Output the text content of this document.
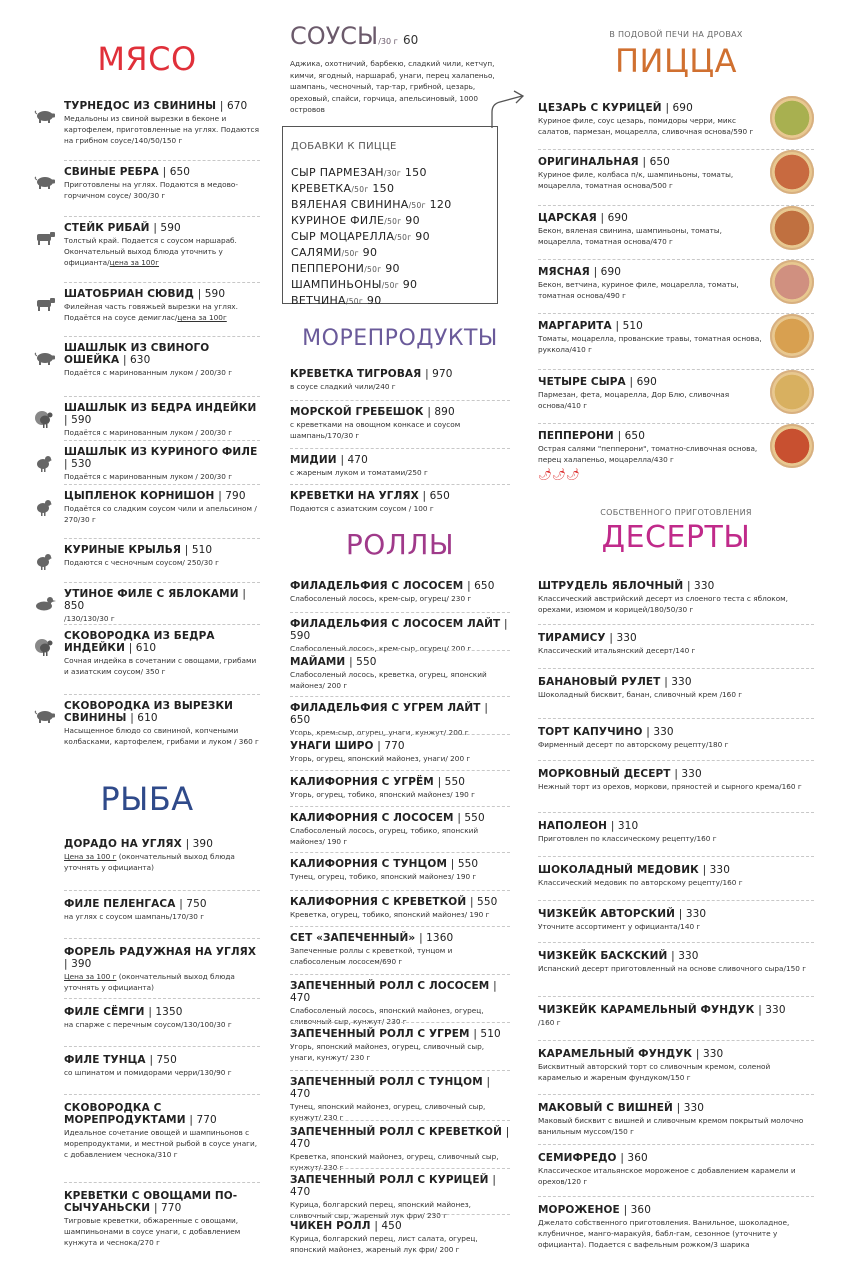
МЯСО
ТУРНЕДОС ИЗ СВИНИНЫ | 670
Медальоны из свиной вырезки в беконе и картофелем, приготовленные на углях. Подаются на грибном соусе/140/50/150 г
СВИНЫЕ РЕБРА | 650
Приготовлены на углях. Подаются в медово-горчичном соусе/ 300/30 г
СТЕЙК РИБАЙ | 590
Толстый край. Подается с соусом наршараб. Окончательный выход блюда уточнить у официанта/цена за 100г
ШАТОБРИАН СЮВИД | 590
Филейная часть говяжьей вырезки на углях. Подаётся на соусе демиглас/цена за 100г
ШАШЛЫК ИЗ СВИНОГО ОШЕЙКА | 630
Подаётся с маринованным луком / 200/30 г
ШАШЛЫК ИЗ БЕДРА ИНДЕЙКИ | 590
Подаётся с маринованным луком / 200/30 г
ШАШЛЫК ИЗ КУРИНОГО ФИЛЕ | 530
Подаётся с маринованным луком / 200/30 г
ЦЫПЛЕНОК КОРНИШОН | 790
Подаётся со сладким соусом чили и апельсином / 270/30 г
КУРИНЫЕ КРЫЛЬЯ | 510
Подаются с чесночным соусом/ 250/30 г
УТИНОЕ ФИЛЕ С ЯБЛОКАМИ | 850
/130/130/30 г
СКОВОРОДКА ИЗ БЕДРА ИНДЕЙКИ | 610
Сочная индейка в сочетании с овощами, грибами и азиатским соусом/ 350 г
СКОВОРОДКА ИЗ ВЫРЕЗКИ СВИНИНЫ | 610
Насыщенное блюдо со свининой, копчеными колбасками, картофелем, грибами и луком / 360 г
РЫБА
ДОРАДО НА УГЛЯХ | 390
Цена за 100 г (окончательный выход блюда уточнять у официанта)
ФИЛЕ ПЕЛЕНГАСА | 750
на углях с соусом шампань/170/30 г
ФОРЕЛЬ РАДУЖНАЯ НА УГЛЯХ | 390
Цена за 100 г (окончательный выход блюда уточнять у официанта)
ФИЛЕ СЁМГИ | 1350
на спарже с перечным соусом/130/100/30 г
ФИЛЕ ТУНЦА | 750
со шпинатом и помидорами черри/130/90 г
СКОВОРОДКА С МОРЕПРОДУКТАМИ | 770
Идеальное сочетание овощей и шампиньонов с морепродуктами, и местной рыбой в соусе унаги, с добавлением чеснока/310 г
КРЕВЕТКИ С ОВОЩАМИ ПО-СЫЧУАНЬСКИ | 770
Тигровые креветки, обжаренные с овощами, шампиньонами в соусе унаги, с добавлением кунжута и чеснока/270 г
СОУСЫ/30 г 60
Аджика, охотничий, барбекю, сладкий чили, кетчуп, кимчи, ягодный, наршараб, унаги, перец халапеньо, шампань, чесночный, тар-тар, грибной, цезарь, ореховый, спайси, горчица, апельсиновый, 1000 островов
ДОБАВКИ К ПИЦЦЕ
СЫР ПАРМЕЗАН/30г 150
КРЕВЕТКА/50г 150
ВЯЛЕНАЯ СВИНИНА/50г 120
КУРИНОЕ ФИЛЕ/50г 90
СЫР МОЦАРЕЛЛА/50г 90
САЛЯМИ/50г 90
ПЕППЕРОНИ/50г 90
ШАМПИНЬОНЫ/50г 90
ВЕТЧИНА/50г 90
МОРЕПРОДУКТЫ
КРЕВЕТКА ТИГРОВАЯ | 970
в соусе сладкий чили/240 г
МОРСКОЙ ГРЕБЕШОК | 890
с креветками на овощном конкасе и соусом шампань/170/30 г
МИДИИ | 470
с жареным луком и томатами/250 г
КРЕВЕТКИ НА УГЛЯХ | 650
Подаются с азиатским соусом / 100 г
РОЛЛЫ
ФИЛАДЕЛЬФИЯ С ЛОСОСЕМ | 650
Слабосоленый лосось, крем-сыр, огурец/ 230 г
ФИЛАДЕЛЬФИЯ С ЛОСОСЕМ ЛАЙТ | 590
Слабосоленый лосось, крем-сыр, огурец/ 200 г
МАЙАМИ | 550
Слабосоленый лосось, креветка, огурец, японский майонез/ 200 г
ФИЛАДЕЛЬФИЯ С УГРЕМ ЛАЙТ | 650
Угорь, крем-сыр, огурец, унаги, кунжут/ 200 г
УНАГИ ШИРО | 770
Угорь, огурец, японский майонез, унаги/ 200 г
КАЛИФОРНИЯ С УГРЁМ | 550
Угорь, огурец, тобико, японский майонез/ 190 г
КАЛИФОРНИЯ С ЛОСОСЕМ | 550
Слабосоленый лосось, огурец, тобико, японский майонез/ 190 г
КАЛИФОРНИЯ С ТУНЦОМ | 550
Тунец, огурец, тобико, японский майонез/ 190 г
КАЛИФОРНИЯ С КРЕВЕТКОЙ | 550
Креветка, огурец, тобико, японский майонез/ 190 г
СЕТ «ЗАПЕЧЕННЫЙ» | 1360
Запеченные роллы с креветкой, тунцом и слабосоленым лососем/690 г
ЗАПЕЧЕННЫЙ РОЛЛ С ЛОСОСЕМ | 470
Слабосоленый лосось, японский майонез, огурец, сливочный сыр, кунжут/ 230 г
ЗАПЕЧЕННЫЙ РОЛЛ С УГРЕМ | 510
Угорь, японский майонез, огурец, сливочный сыр, унаги, кунжут/ 230 г
ЗАПЕЧЕННЫЙ РОЛЛ С ТУНЦОМ | 470
Тунец, японский майонез, огурец, сливочный сыр, кунжут/ 230 г
ЗАПЕЧЕННЫЙ РОЛЛ С КРЕВЕТКОЙ | 470
Креветка, японский майонез, огурец, сливочный сыр, кунжут/ 230 г
ЗАПЕЧЕННЫЙ РОЛЛ С КУРИЦЕЙ | 470
Курица, болгарский перец, японский майонез, сливочный сыр, жареный лук фри/ 230 г
ЧИКЕН РОЛЛ | 450
Курица, болгарский перец, лист салата, огурец, японский майонез, жареный лук фри/ 200 г
В ПОДОВОЙ ПЕЧИ НА ДРОВАХ
ПИЦЦА
ЦЕЗАРЬ С КУРИЦЕЙ | 690
Куриное филе, соус цезарь, помидоры черри, микс салатов, пармезан, моцарелла, сливочная основа/590 г
ОРИГИНАЛЬНАЯ | 650
Куриное филе, колбаса п/к, шампиньоны, томаты, моцарелла, томатная основа/500 г
ЦАРСКАЯ | 690
Бекон, вяленая свинина, шампиньоны, томаты, моцарелла, томатная основа/470 г
МЯСНАЯ | 690
Бекон, ветчина, куриное филе, моцарелла, томаты, томатная основа/490 г
МАРГАРИТА | 510
Томаты, моцарелла, прованские травы, томатная основа, руккола/410 г
ЧЕТЫРЕ СЫРА | 690
Пармезан, фета, моцарелла, Дор Блю, сливочная основа/410 г
ПЕППЕРОНИ | 650
Острая салями "пепперони", томатно-сливочная основа, перец халапеньо, моцарелла/430 г
🌶🌶🌶
СОБСТВЕННОГО ПРИГОТОВЛЕНИЯ
ДЕСЕРТЫ
ШТРУДЕЛЬ ЯБЛОЧНЫЙ | 330
Классический австрийский десерт из слоеного теста с яблоком, орехами, изюмом и корицей/180/50/30 г
ТИРАМИСУ | 330
Классический итальянский десерт/140 г
БАНАНОВЫЙ РУЛЕТ | 330
Шоколадный бисквит, банан, сливочный крем /160 г
ТОРТ КАПУЧИНО | 330
Фирменный десерт по авторскому рецепту/180 г
МОРКОВНЫЙ ДЕСЕРТ | 330
Нежный торт из орехов, моркови, пряностей и сырного крема/160 г
НАПОЛЕОН | 310
Приготовлен по классическому рецепту/160 г
ШОКОЛАДНЫЙ МЕДОВИК | 330
Классический медовик по авторскому рецепту/160 г
ЧИЗКЕЙК АВТОРСКИЙ | 330
Уточните ассортимент у официанта/140 г
ЧИЗКЕЙК БАСКСКИЙ | 330
Испанский десерт приготовленный на основе сливочного сыра/150 г
ЧИЗКЕЙК КАРАМЕЛЬНЫЙ ФУНДУК | 330
/160 г
КАРАМЕЛЬНЫЙ ФУНДУК | 330
Бисквитный авторский торт со сливочным кремом, соленой карамелью и жареным фундуком/150 г
МАКОВЫЙ С ВИШНЕЙ | 330
Маковый бисквит с вишней и сливочным кремом покрытый молочно ванильным муссом/150 г
СЕМИФРЕДО | 360
Классическое итальянское мороженое с добавлением карамели и орехов/120 г
МОРОЖЕНОЕ | 360
Джелато собственного приготовления. Ванильное, шоколадное, клубничное, манго-маракуйя, бабл-гам, сезонное (уточните у официанта). Подается с вафельным рожком/3 шарика
